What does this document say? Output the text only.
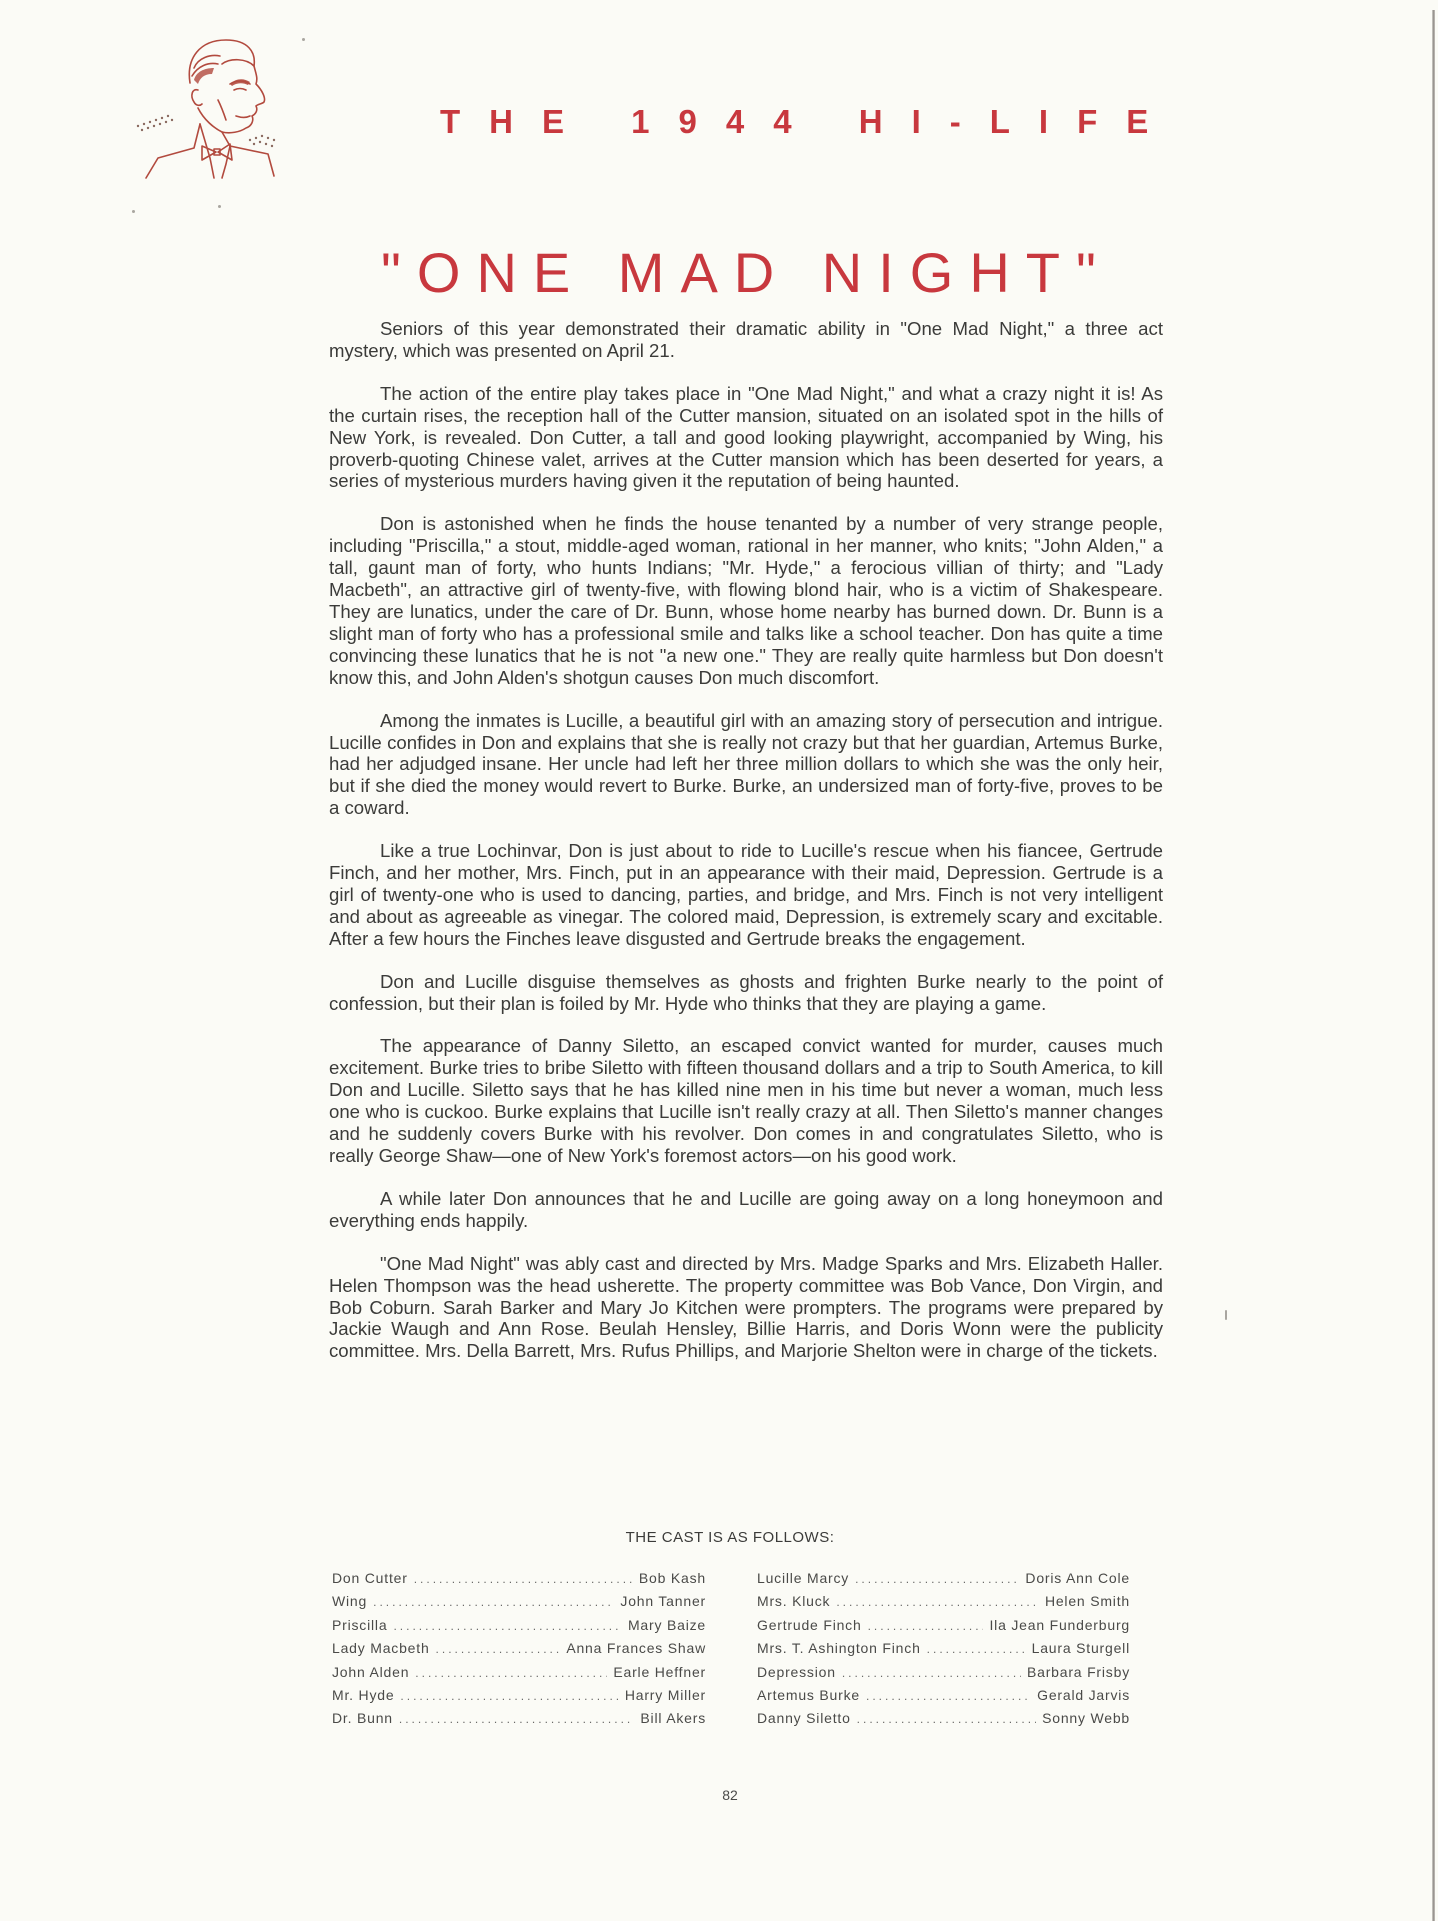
THE 1944 HI-LIFE
"ONE MAD NIGHT"

Seniors of this year demonstrated their dramatic ability in "One Mad Night," a three act mystery, which was presented on April 21.

The action of the entire play takes place in "One Mad Night," and what a crazy night it is! As the curtain rises, the reception hall of the Cutter mansion, situated on an isolated spot in the hills of New York, is revealed. Don Cutter, a tall and good looking playwright, accompanied by Wing, his proverb-quoting Chinese valet, arrives at the Cutter mansion which has been deserted for years, a series of mysterious murders having given it the reputation of being haunted.

Don is astonished when he finds the house tenanted by a number of very strange people, including "Priscilla," a stout, middle-aged woman, rational in her manner, who knits; "John Alden," a tall, gaunt man of forty, who hunts Indians; "Mr. Hyde," a ferocious villian of thirty; and "Lady Macbeth", an attractive girl of twenty-five, with flowing blond hair, who is a victim of Shakespeare. They are lunatics, under the care of Dr. Bunn, whose home nearby has burned down. Dr. Bunn is a slight man of forty who has a professional smile and talks like a school teacher. Don has quite a time convincing these lunatics that he is not "a new one." They are really quite harmless but Don doesn't know this, and John Alden's shotgun causes Don much discomfort.

Among the inmates is Lucille, a beautiful girl with an amazing story of persecution and intrigue. Lucille confides in Don and explains that she is really not crazy but that her guardian, Artemus Burke, had her adjudged insane. Her uncle had left her three million dollars to which she was the only heir, but if she died the money would revert to Burke. Burke, an undersized man of forty-five, proves to be a coward.

Like a true Lochinvar, Don is just about to ride to Lucille's rescue when his fiancee, Gertrude Finch, and her mother, Mrs. Finch, put in an appearance with their maid, Depression. Gertrude is a girl of twenty-one who is used to dancing, parties, and bridge, and Mrs. Finch is not very intelligent and about as agreeable as vinegar. The colored maid, Depression, is extremely scary and excitable. After a few hours the Finches leave disgusted and Gertrude breaks the engagement.

Don and Lucille disguise themselves as ghosts and frighten Burke nearly to the point of confession, but their plan is foiled by Mr. Hyde who thinks that they are playing a game.

The appearance of Danny Siletto, an escaped convict wanted for murder, causes much excitement. Burke tries to bribe Siletto with fifteen thousand dollars and a trip to South America, to kill Don and Lucille. Siletto says that he has killed nine men in his time but never a woman, much less one who is cuckoo. Burke explains that Lucille isn't really crazy at all. Then Siletto's manner changes and he suddenly covers Burke with his revolver. Don comes in and congratulates Siletto, who is really George Shaw—one of New York's foremost actors—on his good work.

A while later Don announces that he and Lucille are going away on a long honeymoon and everything ends happily.

"One Mad Night" was ably cast and directed by Mrs. Madge Sparks and Mrs. Elizabeth Haller. Helen Thompson was the head usherette. The property committee was Bob Vance, Don Virgin, and Bob Coburn. Sarah Barker and Mary Jo Kitchen were prompters. The programs were prepared by Jackie Waugh and Ann Rose. Beulah Hensley, Billie Harris, and Doris Wonn were the publicity committee. Mrs. Della Barrett, Mrs. Rufus Phillips, and Marjorie Shelton were in charge of the tickets.

THE CAST IS AS FOLLOWS:
Don Cutter .....	Bob Kash
Wing .....	John Tanner
Priscilla .....	Mary Baize
Lady Macbeth .....	Anna Frances Shaw
John Alden .....	Earle Heffner
Mr. Hyde .....	Harry Miller
Dr. Bunn .....	Bill Akers
Lucille Marcy .....	Doris Ann Cole
Mrs. Kluck .....	Helen Smith
Gertrude Finch .....	Ila Jean Funderburg
Mrs. T. Ashington Finch .....	Laura Sturgell
Depression .....	Barbara Frisby
Artemus Burke .....	Gerald Jarvis
Danny Siletto .....	Sonny Webb
82
